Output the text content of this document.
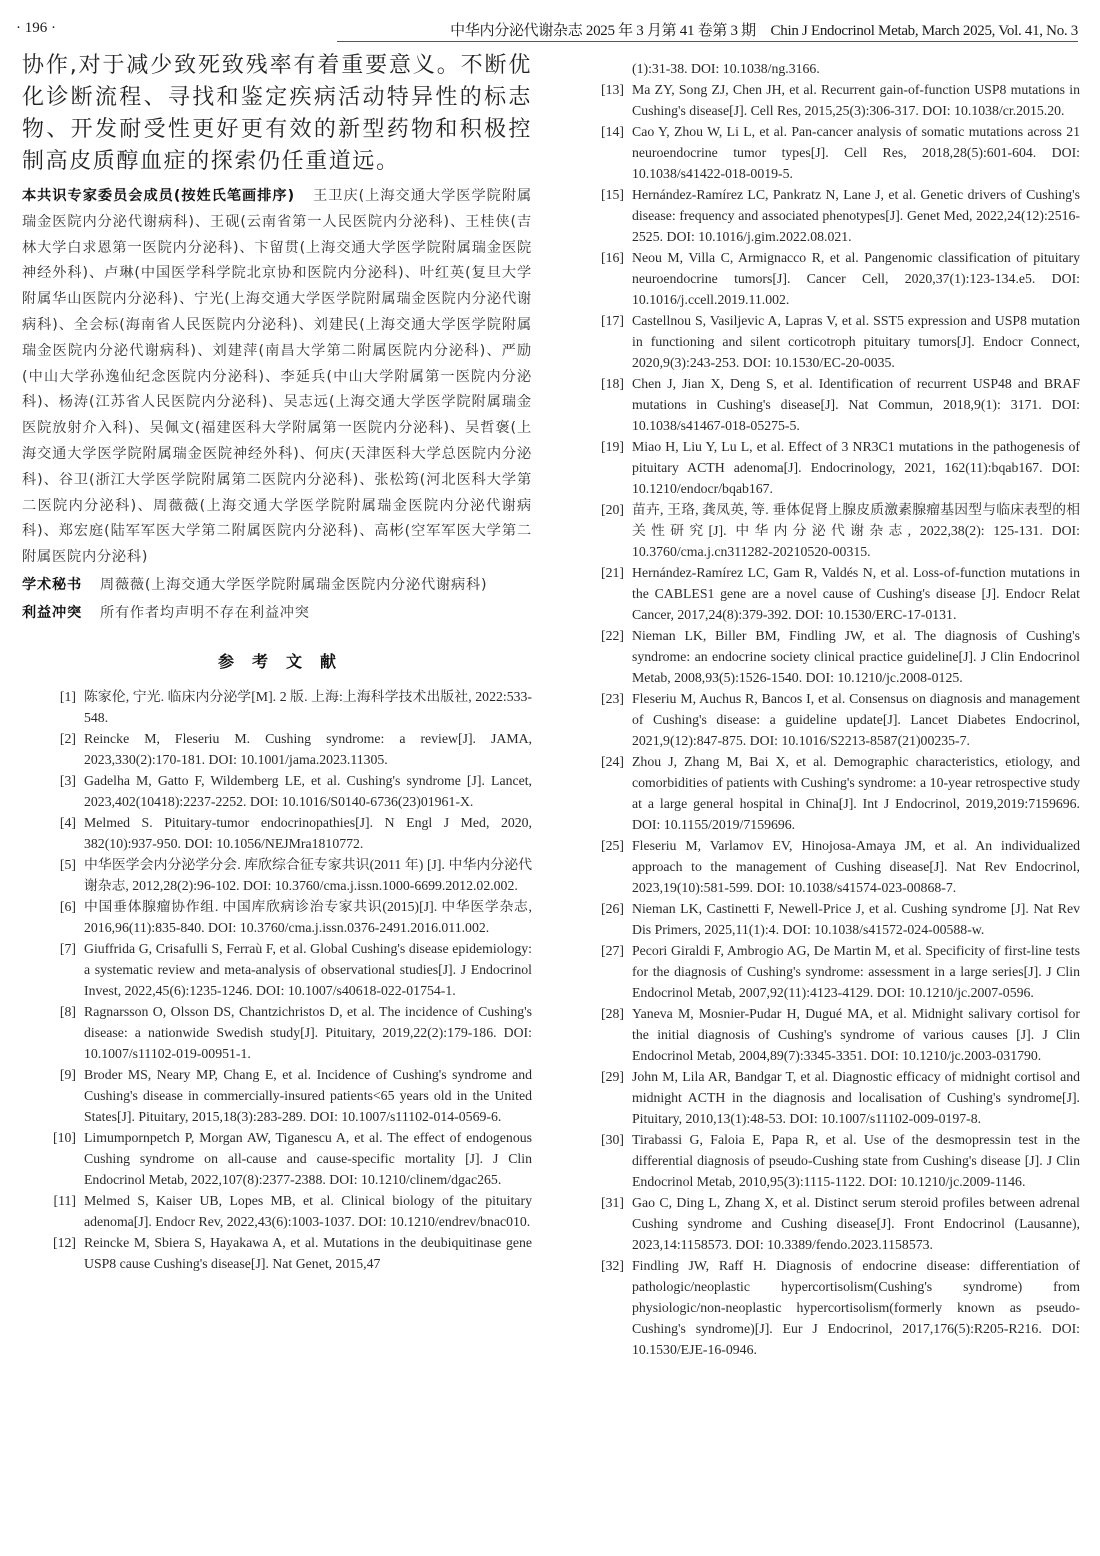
· 196 ·	中华内分泌代谢杂志 2025 年 3 月第 41 卷第 3 期　Chin J Endocrinol Metab, March 2025, Vol. 41, No. 3

协作,对于减少致死致残率有着重要意义。不断优化诊断流程、寻找和鉴定疾病活动特异性的标志物、开发耐受性更好更有效的新型药物和积极控制高皮质醇血症的探索仍任重道远。

本共识专家委员会成员(按姓氏笔画排序) 王卫庆(上海交通大学医学院附属瑞金医院内分泌代谢病科)、王砚(云南省第一人民医院内分泌科)、王桂侠(吉林大学白求恩第一医院内分泌科)、卞留贯(上海交通大学医学院附属瑞金医院神经外科)、卢琳(中国医学科学院北京协和医院内分泌科)、叶红英(复旦大学附属华山医院内分泌科)、宁光(上海交通大学医学院附属瑞金医院内分泌代谢病科)、全会标(海南省人民医院内分泌科)、刘建民(上海交通大学医学院附属瑞金医院内分泌代谢病科)、刘建萍(南昌大学第二附属医院内分泌科)、严励(中山大学孙逸仙纪念医院内分泌科)、李延兵(中山大学附属第一医院内分泌科)、杨涛(江苏省人民医院内分泌科)、吴志远(上海交通大学医学院附属瑞金医院放射介入科)、吴佩文(福建医科大学附属第一医院内分泌科)、吴哲褒(上海交通大学医学院附属瑞金医院神经外科)、何庆(天津医科大学总医院内分泌科)、谷卫(浙江大学医学院附属第二医院内分泌科)、张松筠(河北医科大学第二医院内分泌科)、周薇薇(上海交通大学医学院附属瑞金医院内分泌代谢病科)、郑宏庭(陆军军医大学第二附属医院内分泌科)、高彬(空军军医大学第二附属医院内分泌科)

学术秘书 周薇薇(上海交通大学医学院附属瑞金医院内分泌代谢病科)

利益冲突 所有作者均声明不存在利益冲突

参考文献
[1] 陈家伦, 宁光. 临床内分泌学[M]. 2 版. 上海:上海科学技术出版社, 2022:533-548.
[2] Reincke M, Fleseriu M. Cushing syndrome: a review[J]. JAMA, 2023,330(2):170-181. DOI: 10.1001/jama.2023.11305.
[3] Gadelha M, Gatto F, Wildemberg LE, et al. Cushing's syndrome [J]. Lancet, 2023,402(10418):2237-2252. DOI: 10.1016/S0140-6736(23)01961-X.
[4] Melmed S. Pituitary-tumor endocrinopathies[J]. N Engl J Med, 2020, 382(10):937-950. DOI: 10.1056/NEJMra1810772.
[5] 中华医学会内分泌学分会. 库欣综合征专家共识(2011 年) [J]. 中华内分泌代谢杂志, 2012,28(2):96-102. DOI: 10.3760/cma.j.issn.1000-6699.2012.02.002.
[6] 中国垂体腺瘤协作组. 中国库欣病诊治专家共识(2015)[J]. 中华医学杂志, 2016,96(11):835-840. DOI: 10.3760/cma.j.issn.0376-2491.2016.011.002.
[7] Giuffrida G, Crisafulli S, Ferraù F, et al. Global Cushing's disease epidemiology: a systematic review and meta-analysis of observational studies[J]. J Endocrinol Invest, 2022,45(6):1235-1246. DOI: 10.1007/s40618-022-01754-1.
[8] Ragnarsson O, Olsson DS, Chantzichristos D, et al. The incidence of Cushing's disease: a nationwide Swedish study[J]. Pituitary, 2019,22(2):179-186. DOI: 10.1007/s11102-019-00951-1.
[9] Broder MS, Neary MP, Chang E, et al. Incidence of Cushing's syndrome and Cushing's disease in commercially-insured patients<65 years old in the United States[J]. Pituitary, 2015,18(3):283-289. DOI: 10.1007/s11102-014-0569-6.
[10] Limumpornpetch P, Morgan AW, Tiganescu A, et al. The effect of endogenous Cushing syndrome on all-cause and cause-specific mortality [J]. J Clin Endocrinol Metab, 2022,107(8):2377-2388. DOI: 10.1210/clinem/dgac265.
[11] Melmed S, Kaiser UB, Lopes MB, et al. Clinical biology of the pituitary adenoma[J]. Endocr Rev, 2022,43(6):1003-1037. DOI: 10.1210/endrev/bnac010.
[12] Reincke M, Sbiera S, Hayakawa A, et al. Mutations in the deubiquitinase gene USP8 cause Cushing's disease[J]. Nat Genet, 2015,47
(1):31-38. DOI: 10.1038/ng.3166.
[13] Ma ZY, Song ZJ, Chen JH, et al. Recurrent gain-of-function USP8 mutations in Cushing's disease[J]. Cell Res, 2015,25(3):306-317. DOI: 10.1038/cr.2015.20.
[14] Cao Y, Zhou W, Li L, et al. Pan-cancer analysis of somatic mutations across 21 neuroendocrine tumor types[J]. Cell Res, 2018,28(5):601-604. DOI: 10.1038/s41422-018-0019-5.
[15] Hernández-Ramírez LC, Pankratz N, Lane J, et al. Genetic drivers of Cushing's disease: frequency and associated phenotypes[J]. Genet Med, 2022,24(12):2516-2525. DOI: 10.1016/j.gim.2022.08.021.
[16] Neou M, Villa C, Armignacco R, et al. Pangenomic classification of pituitary neuroendocrine tumors[J]. Cancer Cell, 2020,37(1):123-134.e5. DOI: 10.1016/j.ccell.2019.11.002.
[17] Castellnou S, Vasiljevic A, Lapras V, et al. SST5 expression and USP8 mutation in functioning and silent corticotroph pituitary tumors[J]. Endocr Connect, 2020,9(3):243-253. DOI: 10.1530/EC-20-0035.
[18] Chen J, Jian X, Deng S, et al. Identification of recurrent USP48 and BRAF mutations in Cushing's disease[J]. Nat Commun, 2018,9(1): 3171. DOI: 10.1038/s41467-018-05275-5.
[19] Miao H, Liu Y, Lu L, et al. Effect of 3 NR3C1 mutations in the pathogenesis of pituitary ACTH adenoma[J]. Endocrinology, 2021, 162(11):bqab167. DOI: 10.1210/endocr/bqab167.
[20] 苗卉, 王珞, 龚凤英, 等. 垂体促肾上腺皮质激素腺瘤基因型与临床表型的相关性研究[J]. 中华内分泌代谢杂志, 2022,38(2): 125-131. DOI: 10.3760/cma.j.cn311282-20210520-00315.
[21] Hernández-Ramírez LC, Gam R, Valdés N, et al. Loss-of-function mutations in the CABLES1 gene are a novel cause of Cushing's disease [J]. Endocr Relat Cancer, 2017,24(8):379-392. DOI: 10.1530/ERC-17-0131.
[22] Nieman LK, Biller BM, Findling JW, et al. The diagnosis of Cushing's syndrome: an endocrine society clinical practice guideline[J]. J Clin Endocrinol Metab, 2008,93(5):1526-1540. DOI: 10.1210/jc.2008-0125.
[23] Fleseriu M, Auchus R, Bancos I, et al. Consensus on diagnosis and management of Cushing's disease: a guideline update[J]. Lancet Diabetes Endocrinol, 2021,9(12):847-875. DOI: 10.1016/S2213-8587(21)00235-7.
[24] Zhou J, Zhang M, Bai X, et al. Demographic characteristics, etiology, and comorbidities of patients with Cushing's syndrome: a 10-year retrospective study at a large general hospital in China[J]. Int J Endocrinol, 2019,2019:7159696. DOI: 10.1155/2019/7159696.
[25] Fleseriu M, Varlamov EV, Hinojosa-Amaya JM, et al. An individualized approach to the management of Cushing disease[J]. Nat Rev Endocrinol, 2023,19(10):581-599. DOI: 10.1038/s41574-023-00868-7.
[26] Nieman LK, Castinetti F, Newell-Price J, et al. Cushing syndrome [J]. Nat Rev Dis Primers, 2025,11(1):4. DOI: 10.1038/s41572-024-00588-w.
[27] Pecori Giraldi F, Ambrogio AG, De Martin M, et al. Specificity of first-line tests for the diagnosis of Cushing's syndrome: assessment in a large series[J]. J Clin Endocrinol Metab, 2007,92(11):4123-4129. DOI: 10.1210/jc.2007-0596.
[28] Yaneva M, Mosnier-Pudar H, Dugué MA, et al. Midnight salivary cortisol for the initial diagnosis of Cushing's syndrome of various causes [J]. J Clin Endocrinol Metab, 2004,89(7):3345-3351. DOI: 10.1210/jc.2003-031790.
[29] John M, Lila AR, Bandgar T, et al. Diagnostic efficacy of midnight cortisol and midnight ACTH in the diagnosis and localisation of Cushing's syndrome[J]. Pituitary, 2010,13(1):48-53. DOI: 10.1007/s11102-009-0197-8.
[30] Tirabassi G, Faloia E, Papa R, et al. Use of the desmopressin test in the differential diagnosis of pseudo-Cushing state from Cushing's disease [J]. J Clin Endocrinol Metab, 2010,95(3):1115-1122. DOI: 10.1210/jc.2009-1146.
[31] Gao C, Ding L, Zhang X, et al. Distinct serum steroid profiles between adrenal Cushing syndrome and Cushing disease[J]. Front Endocrinol (Lausanne), 2023,14:1158573. DOI: 10.3389/fendo.2023.1158573.
[32] Findling JW, Raff H. Diagnosis of endocrine disease: differentiation of pathologic/neoplastic hypercortisolism(Cushing's syndrome) from physiologic/non-neoplastic hypercortisolism(formerly known as pseudo-Cushing's syndrome)[J]. Eur J Endocrinol, 2017,176(5):R205-R216. DOI: 10.1530/EJE-16-0946.
